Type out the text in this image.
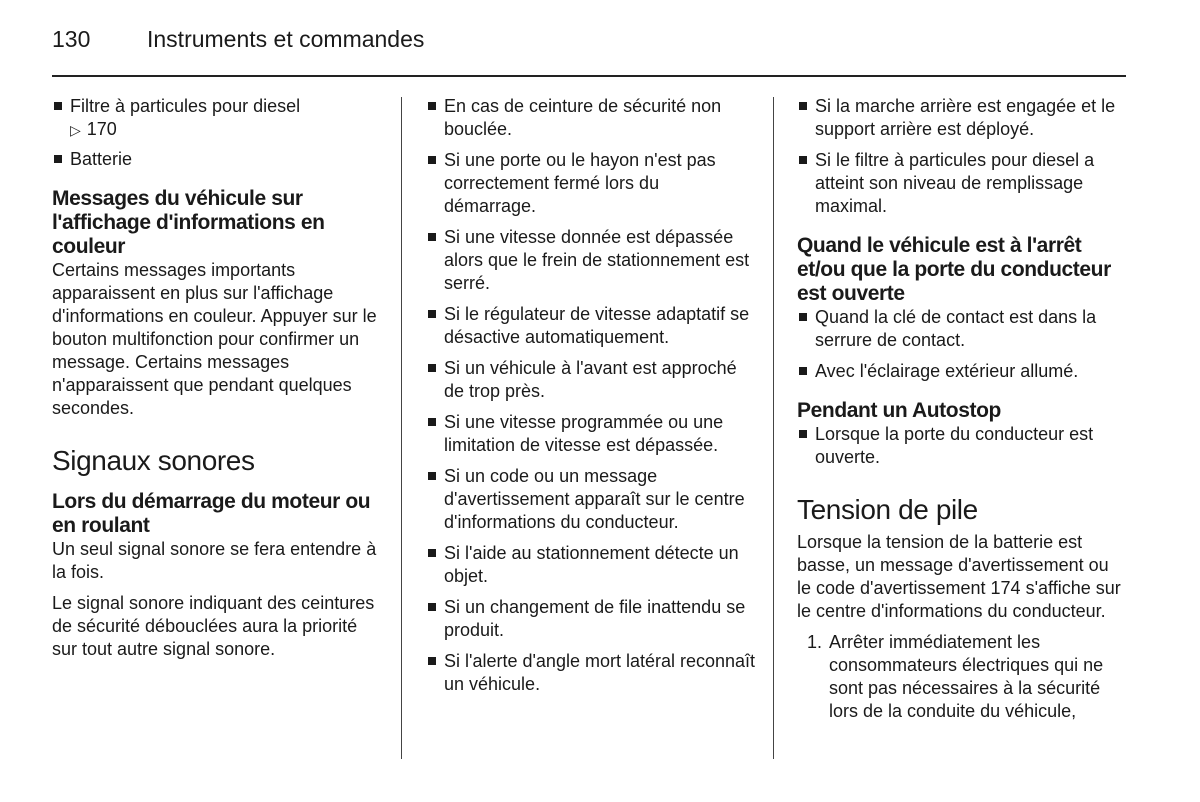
130	Instruments et commandes
Filtre à particules pour diesel
▷ 170
Batterie
Messages du véhicule sur l'affichage d'informations en couleur

Certains messages importants apparaissent en plus sur l'affichage d'informations en couleur. Appuyer sur le bouton multifonction pour confirmer un message. Certains messages n'apparaissent que pendant quelques secondes.

Signaux sonores
Lors du démarrage du moteur ou en roulant

Un seul signal sonore se fera entendre à la fois.

Le signal sonore indiquant des ceintures de sécurité débouclées aura la priorité sur tout autre signal sonore.

En cas de ceinture de sécurité non bouclée.
Si une porte ou le hayon n'est pas correctement fermé lors du démarrage.
Si une vitesse donnée est dépassée alors que le frein de stationnement est serré.
Si le régulateur de vitesse adaptatif se désactive automatiquement.
Si un véhicule à l'avant est approché de trop près.
Si une vitesse programmée ou une limitation de vitesse est dépassée.
Si un code ou un message d'avertissement apparaît sur le centre d'informations du conducteur.
Si l'aide au stationnement détecte un objet.
Si un changement de file inattendu se produit.
Si l'alerte d'angle mort latéral reconnaît un véhicule.
Si la marche arrière est engagée et le support arrière est déployé.
Si le filtre à particules pour diesel a atteint son niveau de remplissage maximal.
Quand le véhicule est à l'arrêt et/ou que la porte du conducteur est ouverte
Quand la clé de contact est dans la serrure de contact.
Avec l'éclairage extérieur allumé.
Pendant un Autostop
Lorsque la porte du conducteur est ouverte.
Tension de pile

Lorsque la tension de la batterie est basse, un message d'avertissement ou le code d'avertissement 174 s'affiche sur le centre d'informations du conducteur.

1. Arrêter immédiatement les consommateurs électriques qui ne sont pas nécessaires à la sécurité lors de la conduite du véhicule,
